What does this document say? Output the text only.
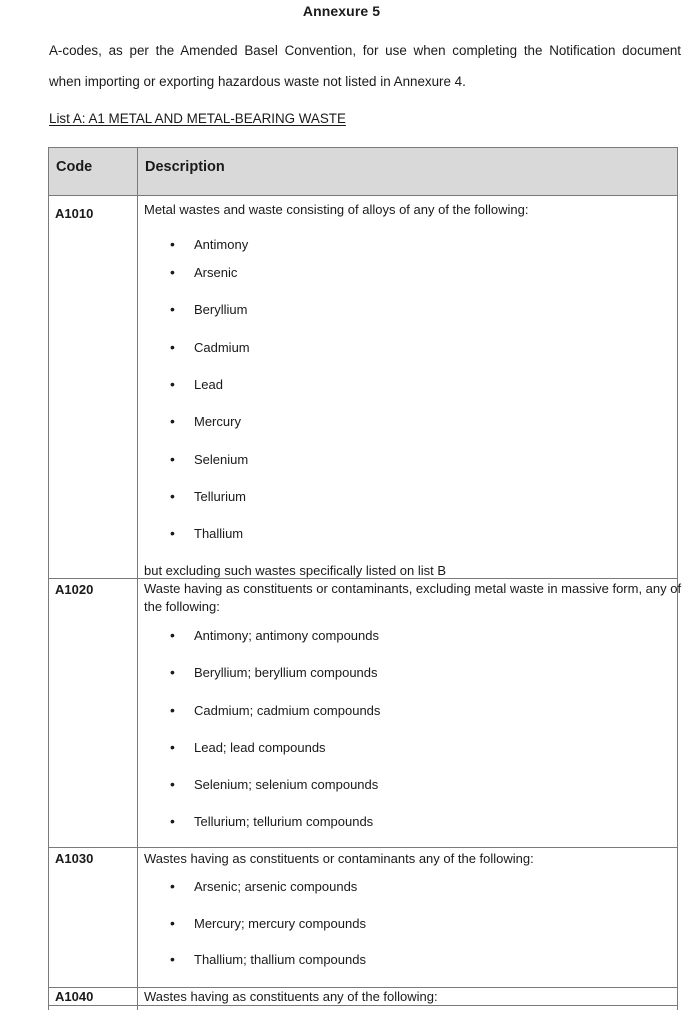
Annexure 5
A-codes, as per the Amended Basel Convention, for use when completing the Notification document
when importing or exporting hazardous waste not listed in Annexure 4.
List A: A1 METAL AND METAL-BEARING WASTE
Code	Description
A1010	Metal wastes and waste consisting of alloys of any of the following:
• Antimony
• Arsenic
• Beryllium
• Cadmium
• Lead
• Mercury
• Selenium
• Tellurium
• Thallium
but excluding such wastes specifically listed on list B
A1020	Waste having as constituents or contaminants, excluding metal waste in massive form, any of
the following:
• Antimony; antimony compounds
• Beryllium; beryllium compounds
• Cadmium; cadmium compounds
• Lead; lead compounds
• Selenium; selenium compounds
• Tellurium; tellurium compounds
A1030	Wastes having as constituents or contaminants any of the following:
• Arsenic; arsenic compounds
• Mercury; mercury compounds
• Thallium; thallium compounds
A1040	Wastes having as constituents any of the following:
